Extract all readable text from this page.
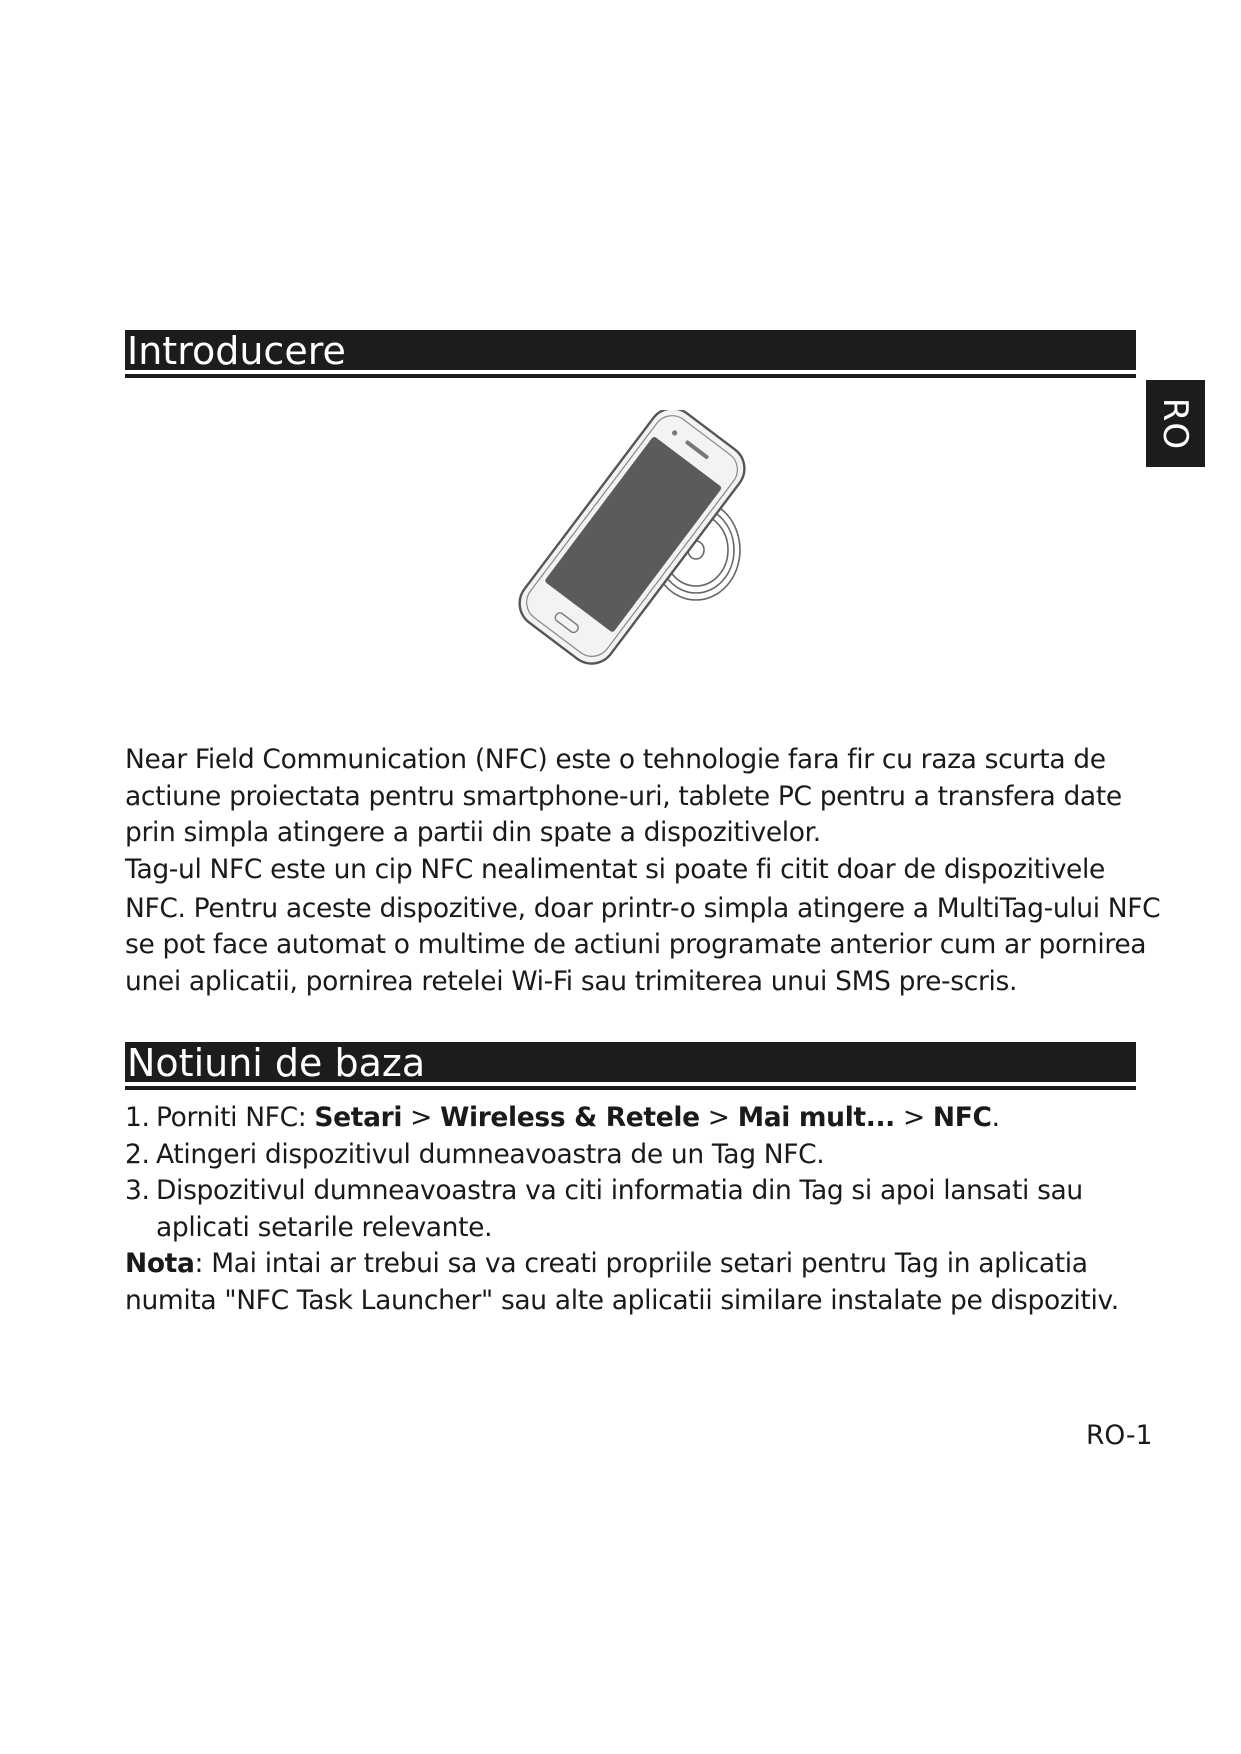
Introducere
RO

Near Field Communication (NFC) este o tehnologie fara fir cu raza scurta de
actiune proiectata pentru smartphone-uri, tablete PC pentru a transfera date
prin simpla atingere a partii din spate a dispozitivelor.

Tag-ul NFC este un cip NFC nealimentat si poate fi citit doar de dispozitivele
NFC. Pentru aceste dispozitive, doar printr-o simpla atingere a MultiTag-ului NFC
se pot face automat o multime de actiuni programate anterior cum ar pornirea
unei aplicatii, pornirea retelei Wi-Fi sau trimiterea unui SMS pre-scris.

Notiuni de baza
1. Porniti NFC: Setari > Wireless & Retele > Mai mult... > NFC.
2. Atingeri dispozitivul dumneavoastra de un Tag NFC.
3. Dispozitivul dumneavoastra va citi informatia din Tag si apoi lansati sau
aplicati setarile relevante.

Nota: Mai intai ar trebui sa va creati propriile setari pentru Tag in aplicatia
numita "NFC Task Launcher" sau alte aplicatii similare instalate pe dispozitiv.

RO-1
